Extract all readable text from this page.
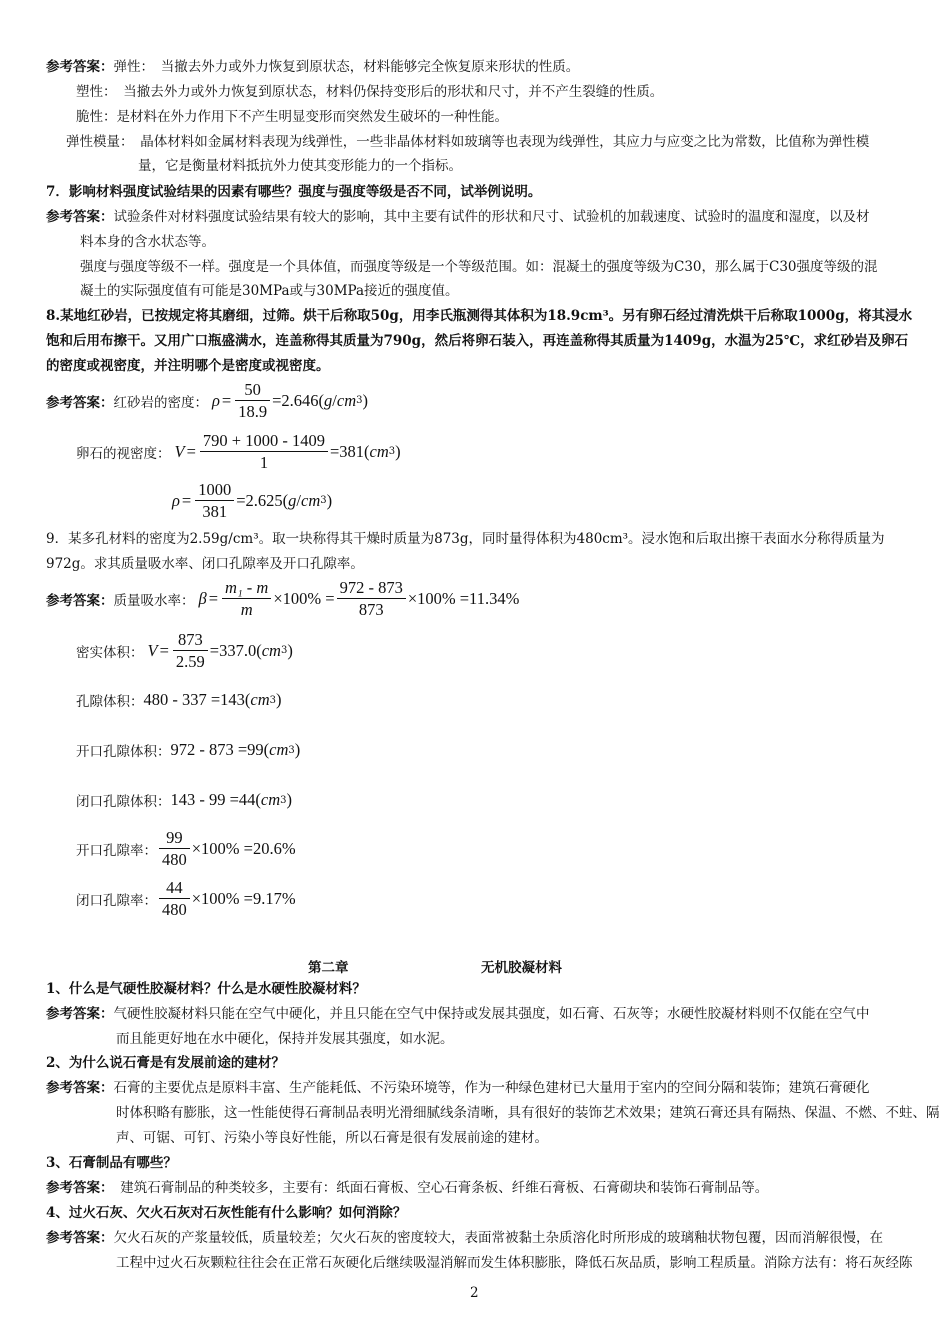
参考答案：弹性：　当撤去外力或外力恢复到原状态，材料能够完全恢复原来形状的性质。
塑性：　当撤去外力或外力恢复到原状态，材料仍保持变形后的形状和尺寸，并不产生裂缝的性质。
脆性：是材料在外力作用下不产生明显变形而突然发生破坏的一种性能。
弹性模量：　晶体材料如金属材料表现为线弹性，一些非晶体材料如玻璃等也表现为线弹性，其应力与应变之比为常数，比值称为弹性模
量，它是衡量材料抵抗外力使其变形能力的一个指标。
7．影响材料强度试验结果的因素有哪些？强度与强度等级是否不同，试举例说明。
参考答案：试验条件对材料强度试验结果有较大的影响，其中主要有试件的形状和尺寸、试验机的加载速度、试验时的温度和湿度，以及材
料本身的含水状态等。
强度与强度等级不一样。强度是一个具体值，而强度等级是一个等级范围。如：混凝土的强度等级为C30，那么属于C30强度等级的混
凝土的实际强度值有可能是30MPa或与30MPa接近的强度值。
8.某地红砂岩，已按规定将其磨细，过筛。烘干后称取50g，用李氏瓶测得其体积为18.9cm³。另有卵石经过清洗烘干后称取1000g，将其浸水
饱和后用布擦干。又用广口瓶盛满水，连盖称得其质量为790g，然后将卵石装入，再连盖称得其质量为1409g，水温为25℃，求红砂岩及卵石
的密度或视密度，并注明哪个是密度或视密度。
参考答案： 红砂岩的密度： $\rho = \frac{50}{18.9} =2.646$( g / cm 3 )
卵石的视密度： $V = \frac{790 + 1000 - 1409}{1} =381$( cm 3 )
$\rho = \frac{1000}{381} =2.625$( g / cm 3 )
9．某多孔材料的密度为2.59g/cm³。取一块称得其干燥时质量为873g，同时量得体积为480cm³。浸水饱和后取出擦干表面水分称得质量为
972g。求其质量吸水率、闭口孔隙率及开口孔隙率。
参考答案： 质量吸水率： $\beta = \frac{\text{m₁ - m}}{m} \times 100\% = \frac{972 - 873}{873} \times 100\% =11.34\%$
密实体积： $V = \frac{873}{2.59} =337.0$( cm 3 )
孔隙体积： 480 - 337 =143( cm 3 )
开口孔隙体积： 972 - 873 =99( cm 3 )
闭口孔隙体积： 143 - 99 =44( cm 3 )
开口孔隙率： $\frac{99}{480} \times 100\% =20.6\%$
闭口孔隙率： $\frac{44}{480} \times 100\% =9.17\%$
第二章	无机胶凝材料
1、什么是气硬性胶凝材料？什么是水硬性胶凝材料？
参考答案：气硬性胶凝材料只能在空气中硬化，并且只能在空气中保持或发展其强度，如石膏、石灰等；水硬性胶凝材料则不仅能在空气中
而且能更好地在水中硬化，保持并发展其强度，如水泥。
2、为什么说石膏是有发展前途的建材？
参考答案：石膏的主要优点是原料丰富、生产能耗低、不污染环境等，作为一种绿色建材已大量用于室内的空间分隔和装饰；建筑石膏硬化
时体积略有膨胀，这一性能使得石膏制品表明光滑细腻线条清晰，具有很好的装饰艺术效果；建筑石膏还具有隔热、保温、不燃、不蛀、隔
声、可锯、可钉、污染小等良好性能，所以石膏是很有发展前途的建材。
3、石膏制品有哪些？
参考答案：　建筑石膏制品的种类较多，主要有：纸面石膏板、空心石膏条板、纤维石膏板、石膏砌块和装饰石膏制品等。
4、过火石灰、欠火石灰对石灰性能有什么影响？如何消除？
参考答案：欠火石灰的产浆量较低，质量较差；欠火石灰的密度较大，表面常被黏土杂质溶化时所形成的玻璃釉状物包覆，因而消解很慢，在
工程中过火石灰颗粒往往会在正常石灰硬化后继续吸湿消解而发生体积膨胀，降低石灰品质，影响工程质量。消除方法有：将石灰经陈
2
